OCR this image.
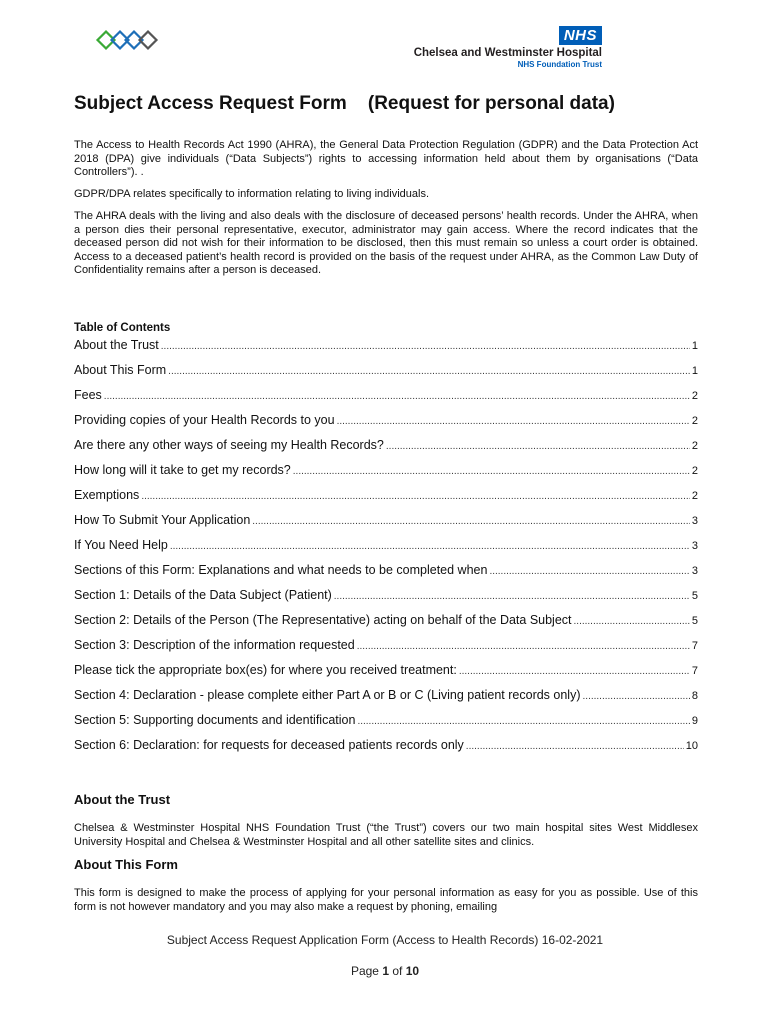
NHS
Chelsea and Westminster Hospital
NHS Foundation Trust
Subject Access Request Form    (Request for personal data)
The Access to Health Records Act 1990 (AHRA), the General Data Protection Regulation (GDPR) and the Data Protection Act 2018 (DPA) give individuals (“Data Subjects”) rights to accessing information held about them by organisations (“Data Controllers”). .
GDPR/DPA relates specifically to information relating to living individuals.
The AHRA deals with the living and also deals with the disclosure of deceased persons’ health records. Under the AHRA, when a person dies their personal representative, executor, administrator may gain access. Where the record indicates that the deceased person did not wish for their information to be disclosed, then this must remain so unless a court order is obtained. Access to a deceased patient’s health record is provided on the basis of the request under AHRA, as the Common Law Duty of Confidentiality remains after a person is deceased.
Table of Contents
About the Trust .....	1
About This Form .....	1
Fees .....	2
Providing copies of your Health Records to you .....	2
Are there any other ways of seeing my Health Records? .....	2
How long will it take to get my records? .....	2
Exemptions .....	2
How To Submit Your Application .....	3
If You Need Help .....	3
Sections of this Form: Explanations and what needs to be completed when .....	3
Section 1: Details of the Data Subject (Patient) .....	5
Section 2: Details of the Person (The Representative) acting on behalf of the Data Subject .....	5
Section 3: Description of the information requested .....	7
Please tick the appropriate box(es) for where you received treatment: .....	7
Section 4: Declaration - please complete either Part A or B or C (Living patient records only) .....	8
Section 5: Supporting documents and identification .....	9
Section 6: Declaration: for requests for deceased patients records only .....	10
About the Trust
Chelsea & Westminster Hospital NHS Foundation Trust (“the Trust”) covers our two main hospital sites West Middlesex University Hospital and Chelsea & Westminster Hospital and all other satellite sites and clinics.
About This Form
This form is designed to make the process of applying for your personal information as easy for you as possible. Use of this form is not however mandatory and you may also make a request by phoning, emailing
Subject Access Request Application Form (Access to Health Records) 16-02-2021
Page 1 of 10
